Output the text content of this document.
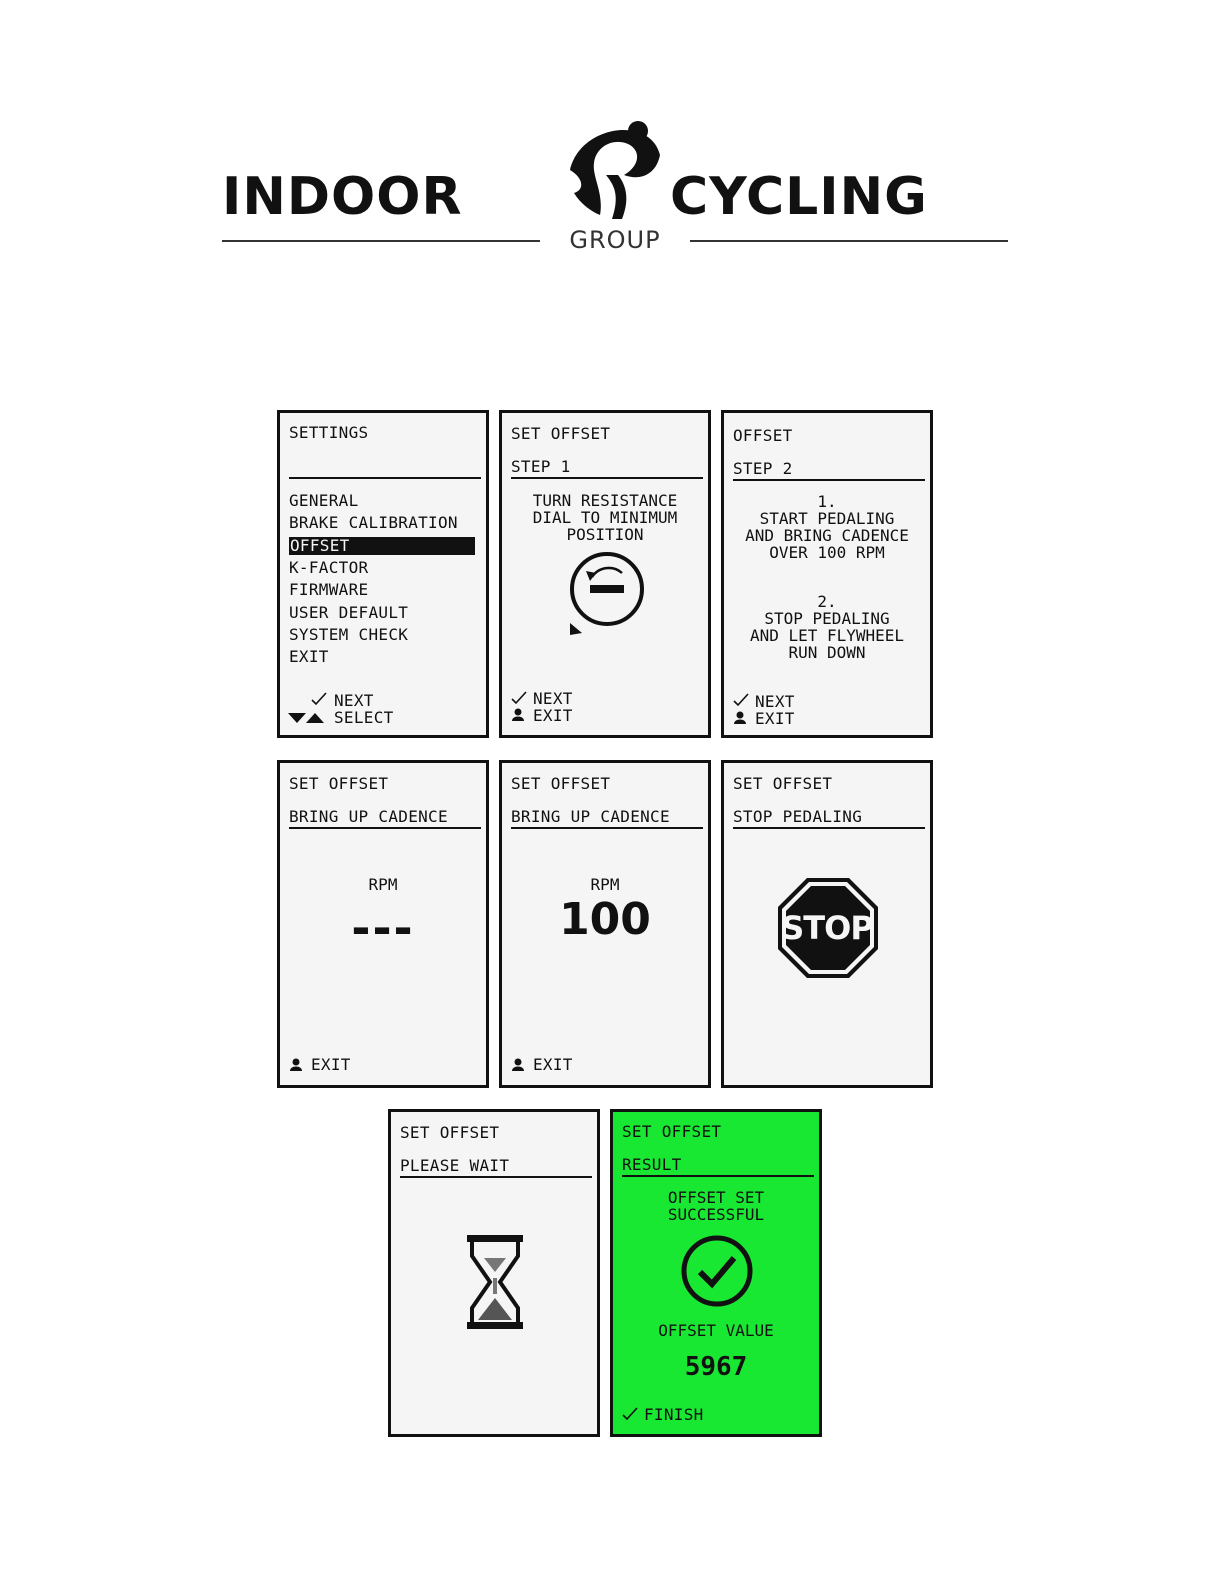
INDOOR	CYCLING
GROUP
SETTINGS
GENERAL
BRAKE CALIBRATION
OFFSET
K-FACTOR
FIRMWARE
USER DEFAULT
SYSTEM CHECK
EXIT
NEXT
SELECT
SET OFFSET
STEP 1
TURN RESISTANCE
DIAL TO MINIMUM
POSITION
NEXT
EXIT
OFFSET
STEP 2
1.
START PEDALING
AND BRING CADENCE
OVER 100 RPM
2.
STOP PEDALING
AND LET FLYWHEEL
RUN DOWN
NEXT
EXIT
SET OFFSET
BRING UP CADENCE
RPM
---
EXIT
SET OFFSET
BRING UP CADENCE
RPM
100
EXIT
SET OFFSET
STOP PEDALING
STOP
SET OFFSET
PLEASE WAIT
SET OFFSET
RESULT
OFFSET SET
SUCCESSFUL
OFFSET VALUE
5967
FINISH
